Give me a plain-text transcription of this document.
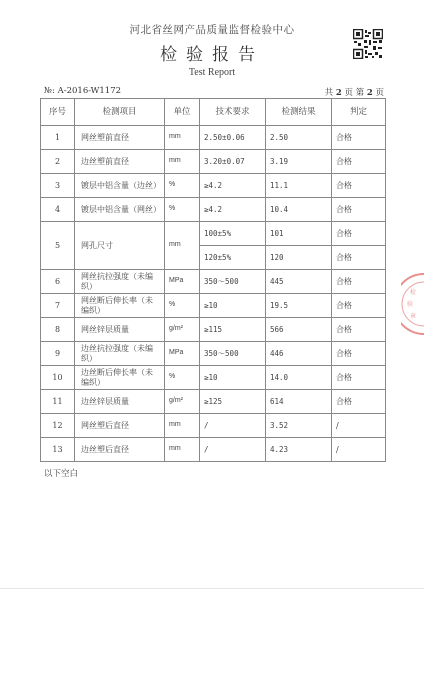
河北省丝网产品质量监督检验中心
检验报告
Test Report
№: A-2016-W1172	共 2 页 第 2 页
序号	检测项目	单位	技术要求	检测结果	判定
1	网丝塑前直径	mm	2.50±0.06	2.50	合格
2	边丝塑前直径	mm	3.20±0.07	3.19	合格
3	镀层中铝含量（边丝）	%	≥4.2	11.1	合格
4	镀层中铝含量（网丝）	%	≥4.2	10.4	合格
5	网孔尺寸	mm	100±5%	101	合格
			120±5%	120	合格
6	网丝抗拉强度（未编织）	MPa	350～500	445	合格
7	网丝断后伸长率（未编织）	%	≥10	19.5	合格
8	网丝锌层质量	g/m²	≥115	566	合格
9	边丝抗拉强度（未编织）	MPa	350～500	446	合格
10	边丝断后伸长率（未编织）	%	≥10	14.0	合格
11	边丝锌层质量	g/m²	≥125	614	合格
12	网丝塑后直径	mm	/	3.52	/
13	边丝塑后直径	mm	/	4.23	/
以下空白
检
验
章
